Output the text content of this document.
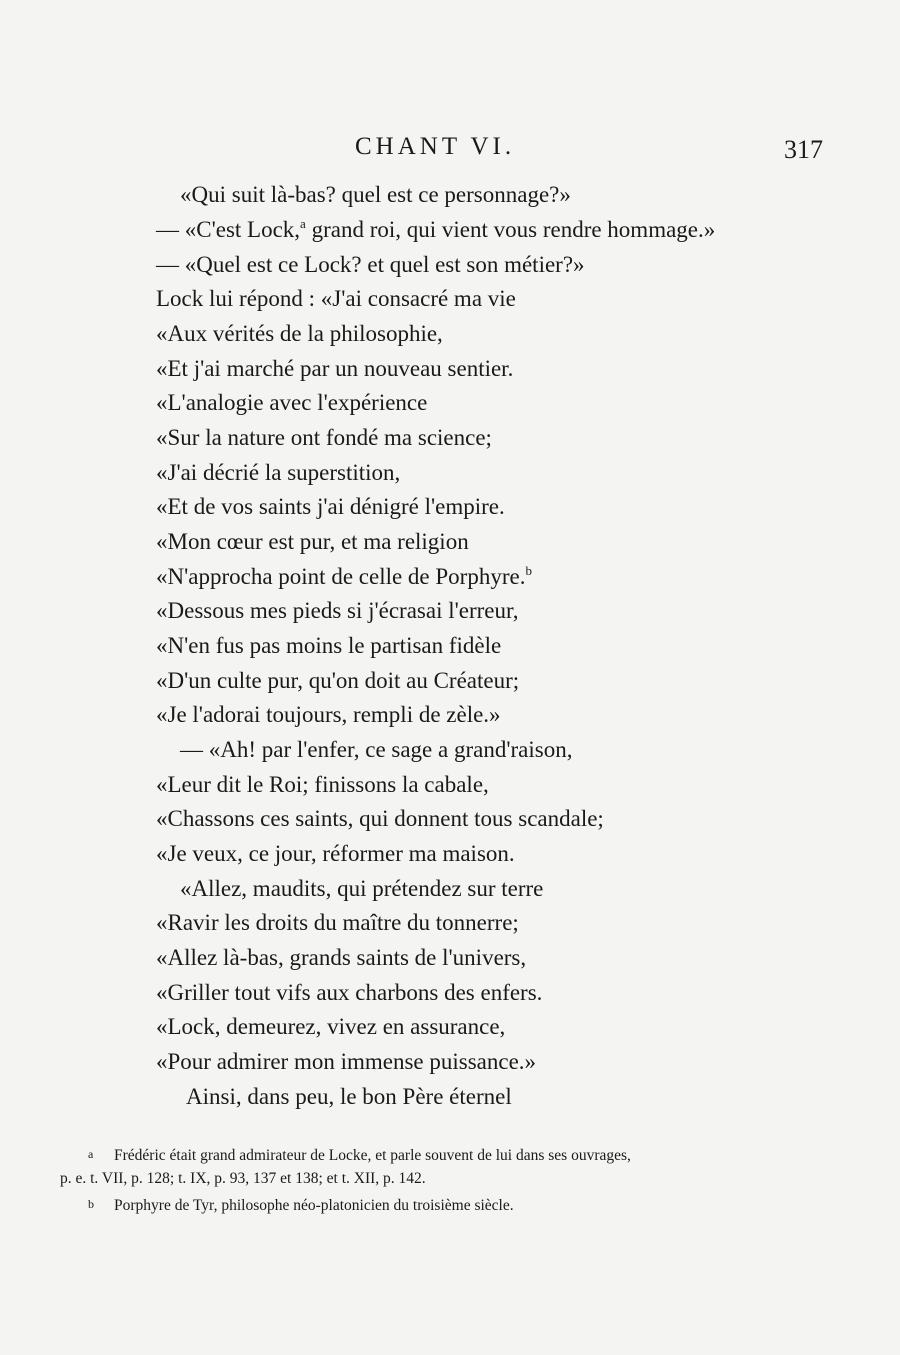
CHANT VI.	317
«Qui suit là-bas? quel est ce personnage?»
— «C'est Lock,$^a$ grand roi, qui vient vous rendre hommage.»
— «Quel est ce Lock? et quel est son métier?»
Lock lui répond : «J'ai consacré ma vie
«Aux vérités de la philosophie,
«Et j'ai marché par un nouveau sentier.
«L'analogie avec l'expérience
«Sur la nature ont fondé ma science;
«J'ai décrié la superstition,
«Et de vos saints j'ai dénigré l'empire.
«Mon cœur est pur, et ma religion
«N'approcha point de celle de Porphyre.$^b$
«Dessous mes pieds si j'écrasai l'erreur,
«N'en fus pas moins le partisan fidèle
«D'un culte pur, qu'on doit au Créateur;
«Je l'adorai toujours, rempli de zèle.»
— «Ah! par l'enfer, ce sage a grand'raison,
«Leur dit le Roi; finissons la cabale,
«Chassons ces saints, qui donnent tous scandale;
«Je veux, ce jour, réformer ma maison.
«Allez, maudits, qui prétendez sur terre
«Ravir les droits du maître du tonnerre;
«Allez là-bas, grands saints de l'univers,
«Griller tout vifs aux charbons des enfers.
«Lock, demeurez, vivez en assurance,
«Pour admirer mon immense puissance.»
Ainsi, dans peu, le bon Père éternel
a Frédéric était grand admirateur de Locke, et parle souvent de lui dans ses ouvrages,
p. e. t. VII, p. 128; t. IX, p. 93, 137 et 138; et t. XII, p. 142.
b Porphyre de Tyr, philosophe néo-platonicien du troisième siècle.
